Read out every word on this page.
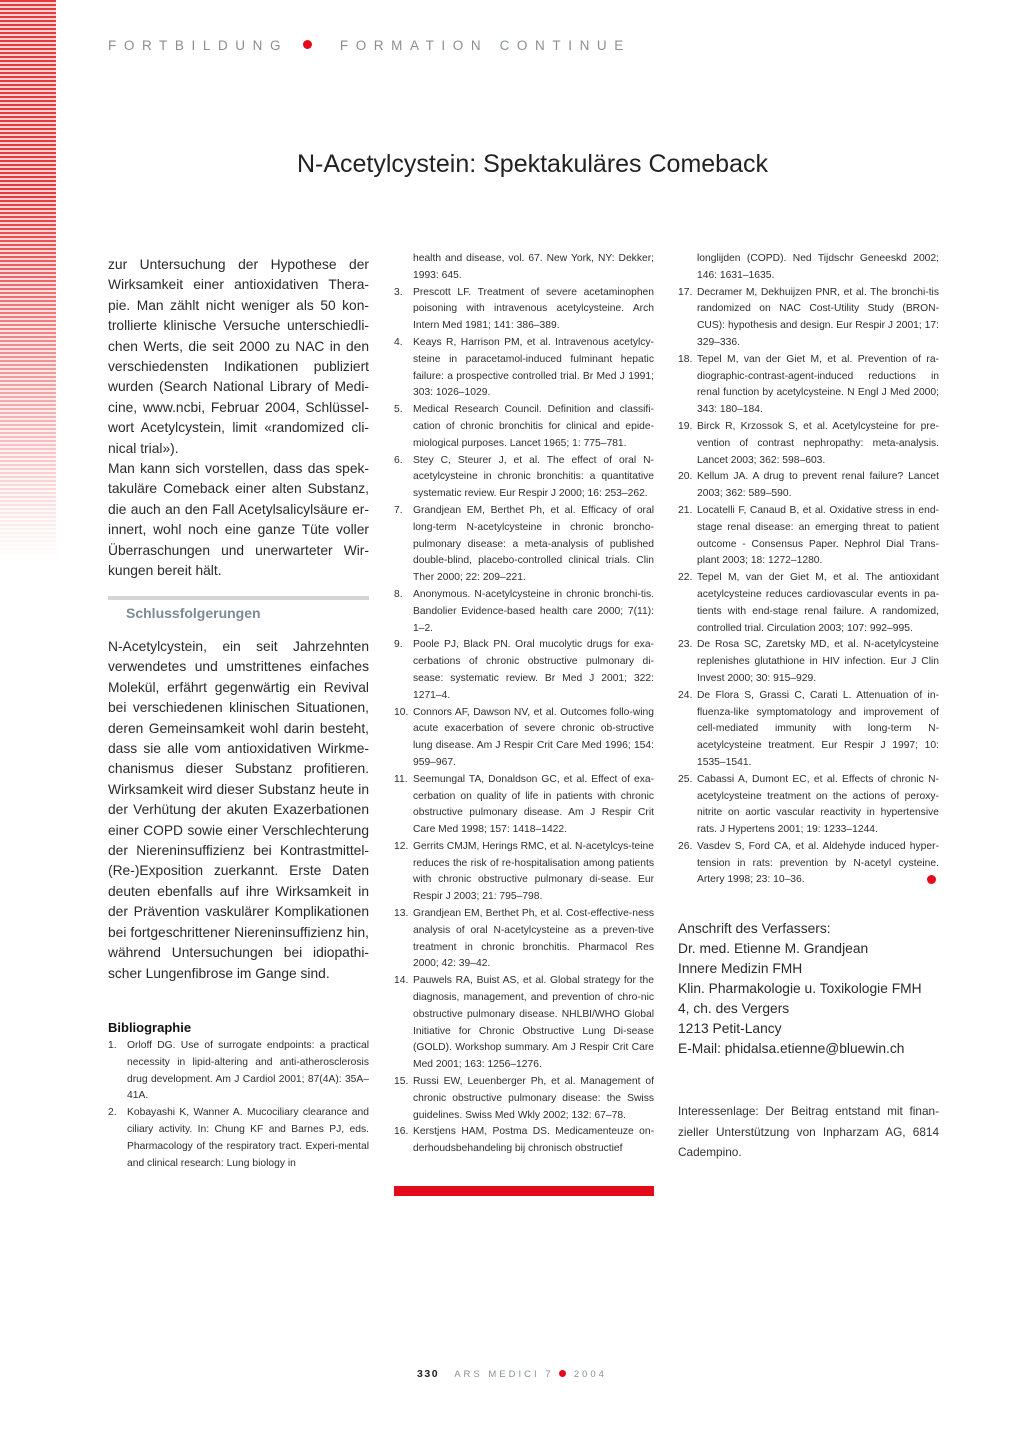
FORTBILDUNG	FORMATION CONTINUE
N-Acetylcystein: Spektakuläres Comeback

zur Untersuchung der Hypothese der Wirksamkeit einer antioxidativen Thera-pie. Man zählt nicht weniger als 50 kon-trollierte klinische Versuche unterschiedli-chen Werts, die seit 2000 zu NAC in den verschiedensten Indikationen publiziert wurden (Search National Library of Medi-cine, www.ncbi, Februar 2004, Schlüssel-wort Acetylcystein, limit «randomized cli-nical trial»).

Man kann sich vorstellen, dass das spek-takuläre Comeback einer alten Substanz, die auch an den Fall Acetylsalicylsäure er-innert, wohl noch eine ganze Tüte voller Überraschungen und unerwarteter Wir-kungen bereit hält.

Schlussfolgerungen

N-Acetylcystein, ein seit Jahrzehnten verwendetes und umstrittenes einfaches Molekül, erfährt gegenwärtig ein Revival bei verschiedenen klinischen Situationen, deren Gemeinsamkeit wohl darin besteht, dass sie alle vom antioxidativen Wirkme-chanismus dieser Substanz profitieren. Wirksamkeit wird dieser Substanz heute in der Verhütung der akuten Exazerbationen einer COPD sowie einer Verschlechterung der Niereninsuffizienz bei Kontrastmittel-(Re-)Exposition zuerkannt. Erste Daten deuten ebenfalls auf ihre Wirksamkeit in der Prävention vaskulärer Komplikationen bei fortgeschrittener Niereninsuffizienz hin, während Untersuchungen bei idiopathi-scher Lungenfibrose im Gange sind.

Bibliographie
1. Orloff DG. Use of surrogate endpoints: a practical necessity in lipid-altering and anti-atherosclerosis drug development. Am J Cardiol 2001; 87(4A): 35A–41A.
2. Kobayashi K, Wanner A. Mucociliary clearance and ciliary activity. In: Chung KF and Barnes PJ, eds. Pharmacology of the respiratory tract. Experi-mental and clinical research: Lung biology in
health and disease, vol. 67. New York, NY: Dekker; 1993: 645.
3. Prescott LF. Treatment of severe acetaminophen poisoning with intravenous acetylcysteine. Arch Intern Med 1981; 141: 386–389.
4. Keays R, Harrison PM, et al. Intravenous acetylcy-steine in paracetamol-induced fulminant hepatic failure: a prospective controlled trial. Br Med J 1991; 303: 1026–1029.
5. Medical Research Council. Definition and classifi-cation of chronic bronchitis for clinical and epide-miological purposes. Lancet 1965; 1: 775–781.
6. Stey C, Steurer J, et al. The effect of oral N-acetylcysteine in chronic bronchitis: a quantitative systematic review. Eur Respir J 2000; 16: 253–262.
7. Grandjean EM, Berthet Ph, et al. Efficacy of oral long-term N-acetylcysteine in chronic broncho-pulmonary disease: a meta-analysis of published double-blind, placebo-controlled clinical trials. Clin Ther 2000; 22: 209–221.
8. Anonymous. N-acetylcysteine in chronic bronchi-tis. Bandolier Evidence-based health care 2000; 7(11): 1–2.
9. Poole PJ, Black PN. Oral mucolytic drugs for exa-cerbations of chronic obstructive pulmonary di-sease: systematic review. Br Med J 2001; 322: 1271–4.
10. Connors AF, Dawson NV, et al. Outcomes follo-wing acute exacerbation of severe chronic ob-structive lung disease. Am J Respir Crit Care Med 1996; 154: 959–967.
11. Seemungal TA, Donaldson GC, et al. Effect of exa-cerbation on quality of life in patients with chronic obstructive pulmonary disease. Am J Respir Crit Care Med 1998; 157: 1418–1422.
12. Gerrits CMJM, Herings RMC, et al. N-acetylcys-teine reduces the risk of re-hospitalisation among patients with chronic obstructive pulmonary di-sease. Eur Respir J 2003; 21: 795–798.
13. Grandjean EM, Berthet Ph, et al. Cost-effective-ness analysis of oral N-acetylcysteine as a preven-tive treatment in chronic bronchitis. Pharmacol Res 2000; 42: 39–42.
14. Pauwels RA, Buist AS, et al. Global strategy for the diagnosis, management, and prevention of chro-nic obstructive pulmonary disease. NHLBI/WHO Global Initiative for Chronic Obstructive Lung Di-sease (GOLD). Workshop summary. Am J Respir Crit Care Med 2001; 163: 1256–1276.
15. Russi EW, Leuenberger Ph, et al. Management of chronic obstructive pulmonary disease: the Swiss guidelines. Swiss Med Wkly 2002; 132: 67–78.
16. Kerstjens HAM, Postma DS. Medicamenteuze on-derhoudsbehandeling bij chronisch obstructief
longlijden (COPD). Ned Tijdschr Geneeskd 2002; 146: 1631–1635.
17. Decramer M, Dekhuijzen PNR, et al. The bronchi-tis randomized on NAC Cost-Utility Study (BRON-CUS): hypothesis and design. Eur Respir J 2001; 17: 329–336.
18. Tepel M, van der Giet M, et al. Prevention of ra-diographic-contrast-agent-induced reductions in renal function by acetylcysteine. N Engl J Med 2000; 343: 180–184.
19. Birck R, Krzossok S, et al. Acetylcysteine for pre-vention of contrast nephropathy: meta-analysis. Lancet 2003; 362: 598–603.
20. Kellum JA. A drug to prevent renal failure? Lancet 2003; 362: 589–590.
21. Locatelli F, Canaud B, et al. Oxidative stress in end-stage renal disease: an emerging threat to patient outcome - Consensus Paper. Nephrol Dial Trans-plant 2003; 18: 1272–1280.
22. Tepel M, van der Giet M, et al. The antioxidant acetylcysteine reduces cardiovascular events in pa-tients with end-stage renal failure. A randomized, controlled trial. Circulation 2003; 107: 992–995.
23. De Rosa SC, Zaretsky MD, et al. N-acetylcysteine replenishes glutathione in HIV infection. Eur J Clin Invest 2000; 30: 915–929.
24. De Flora S, Grassi C, Carati L. Attenuation of in-fluenza-like symptomatology and improvement of cell-mediated immunity with long-term N-acetylcysteine treatment. Eur Respir J 1997; 10: 1535–1541.
25. Cabassi A, Dumont EC, et al. Effects of chronic N-acetylcysteine treatment on the actions of peroxy-nitrite on aortic vascular reactivity in hypertensive rats. J Hypertens 2001; 19: 1233–1244.
26. Vasdev S, Ford CA, et al. Aldehyde induced hyper-tension in rats: prevention by N-acetyl cysteine. Artery 1998; 23: 10–36.
Anschrift des Verfassers:
Dr. med. Etienne M. Grandjean
Innere Medizin FMH
Klin. Pharmakologie u. Toxikologie FMH
4, ch. des Vergers
1213 Petit-Lancy
E-Mail: phidalsa.etienne@bluewin.ch
Interessenlage: Der Beitrag entstand mit finan-zieller Unterstützung von Inpharzam AG, 6814 Cadempino.
330 ARS MEDICI 7 2004
